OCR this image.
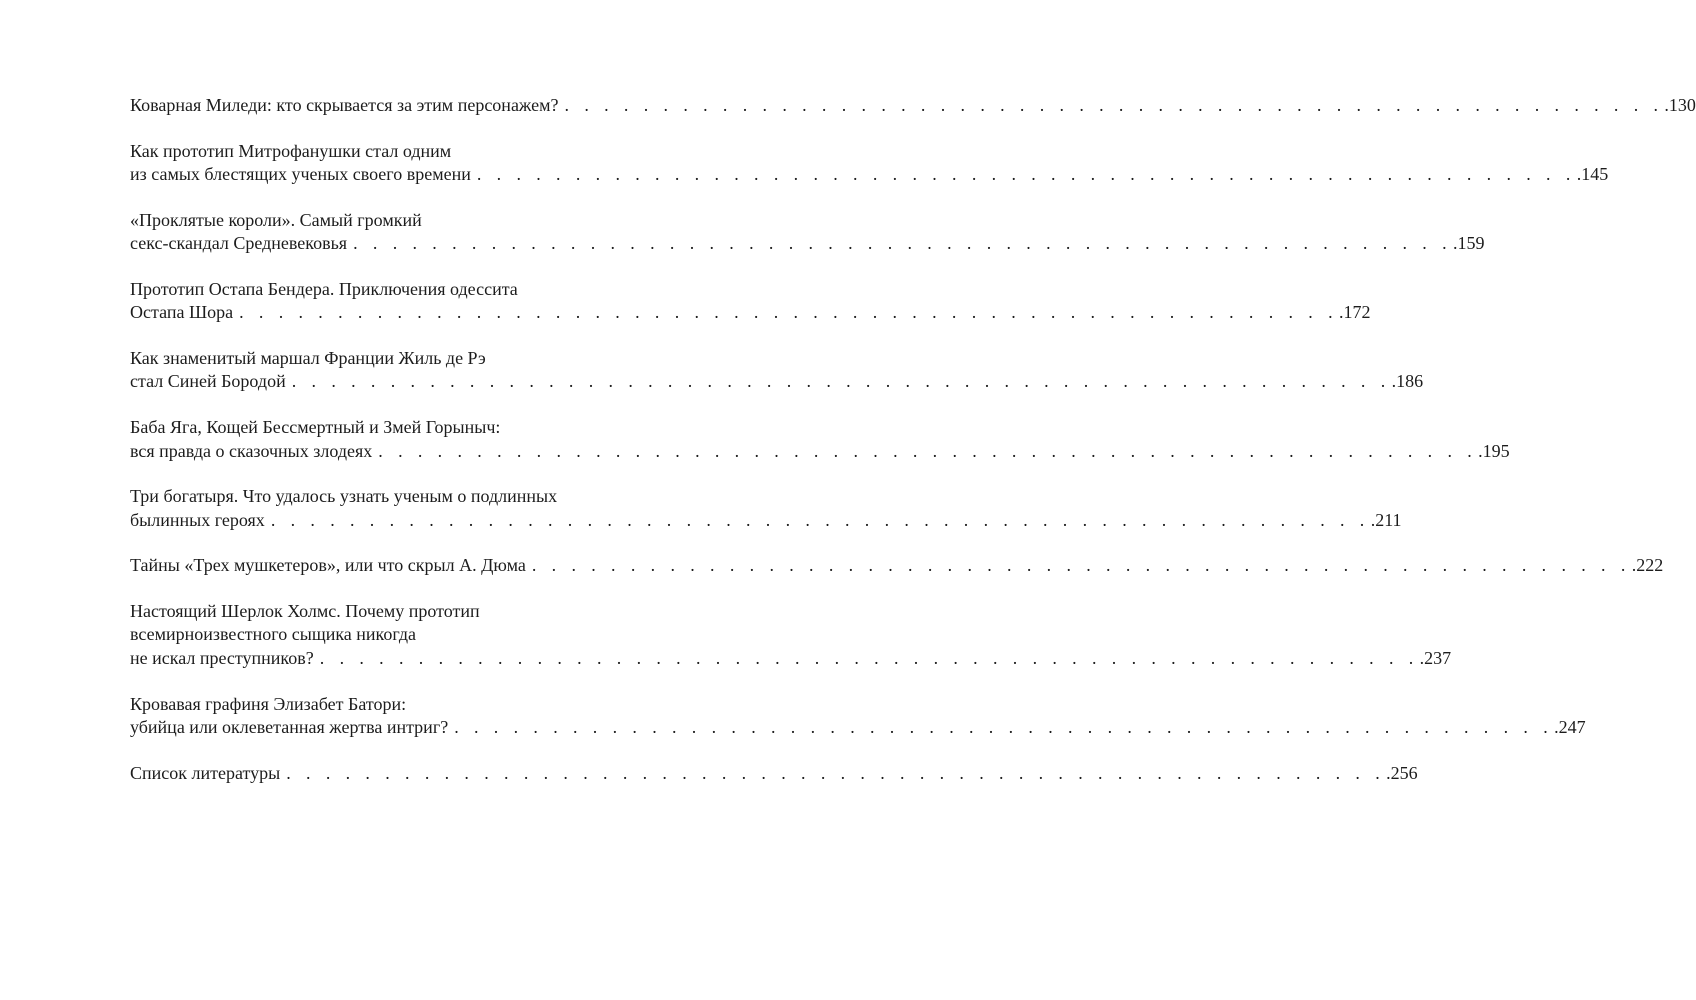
Коварная Миледи: кто скрывается за этим персонажем? . . . . . . . . . . . . . . . . . . . . . . . . . . . . . . . . . . . . . . . . . . . . . . . . . . . . . . . . .130
Как прототип Митрофанушки стал одним
из самых блестящих ученых своего времени . . . . . . . . . . . . . . . . . . . . . . . . . . . . . . . . . . . . . . . . . . . . . . . . . . . . . . . . .145
«Проклятые короли». Самый громкий
секс-скандал Средневековья . . . . . . . . . . . . . . . . . . . . . . . . . . . . . . . . . . . . . . . . . . . . . . . . . . . . . . . . .159
Прототип Остапа Бендера. Приключения одессита
Остапа Шора . . . . . . . . . . . . . . . . . . . . . . . . . . . . . . . . . . . . . . . . . . . . . . . . . . . . . . . . .172
Как знаменитый маршал Франции Жиль де Рэ
стал Синей Бородой . . . . . . . . . . . . . . . . . . . . . . . . . . . . . . . . . . . . . . . . . . . . . . . . . . . . . . . . .186
Баба Яга, Кощей Бессмертный и Змей Горыныч:
вся правда о сказочных злодеях . . . . . . . . . . . . . . . . . . . . . . . . . . . . . . . . . . . . . . . . . . . . . . . . . . . . . . . . .195
Три богатыря. Что удалось узнать ученым о подлинных
былинных героях . . . . . . . . . . . . . . . . . . . . . . . . . . . . . . . . . . . . . . . . . . . . . . . . . . . . . . . . .211
Тайны «Трех мушкетеров», или что скрыл А. Дюма . . . . . . . . . . . . . . . . . . . . . . . . . . . . . . . . . . . . . . . . . . . . . . . . . . . . . . . . .222
Настоящий Шерлок Холмс. Почему прототип
всемирноизвестного сыщика никогда
не искал преступников? . . . . . . . . . . . . . . . . . . . . . . . . . . . . . . . . . . . . . . . . . . . . . . . . . . . . . . . . .237
Кровавая графиня Элизабет Батори:
убийца или оклеветанная жертва интриг? . . . . . . . . . . . . . . . . . . . . . . . . . . . . . . . . . . . . . . . . . . . . . . . . . . . . . . . . .247
Список литературы . . . . . . . . . . . . . . . . . . . . . . . . . . . . . . . . . . . . . . . . . . . . . . . . . . . . . . . . .256
